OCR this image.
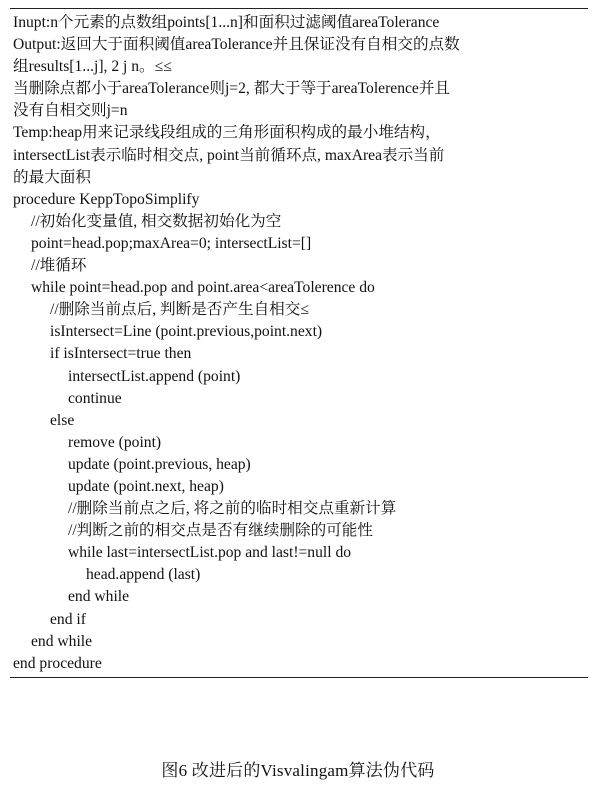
Inupt:n个元素的点数组points[1...n]和面积过滤阈值areaTolerance
Output:返回大于面积阈值areaTolerance并且保证没有自相交的点数
组results[1...j], 2 j n。≤≤
当删除点都小于areaTolerance则j=2, 都大于等于areaTolerence并且
没有自相交则j=n
Temp:heap用来记录线段组成的三角形面积构成的最小堆结构，
intersectList表示临时相交点, point当前循环点, maxArea表示当前
的最大面积
procedure KeppTopoSimplify
//初始化变量值, 相交数据初始化为空
point=head.pop;maxArea=0; intersectList=[]
//堆循环
while point=head.pop and point.area<areaTolerence do
//删除当前点后, 判断是否产生自相交≤
isIntersect=Line (point.previous,point.next)
if isIntersect=true then
intersectList.append (point)
continue
else
remove (point)
update (point.previous, heap)
update (point.next, heap)
//删除当前点之后, 将之前的临时相交点重新计算
//判断之前的相交点是否有继续删除的可能性
while last=intersectList.pop and last!=null do
head.append (last)
end while
end if
end while
end procedure
图6 改进后的Visvalingam算法伪代码
